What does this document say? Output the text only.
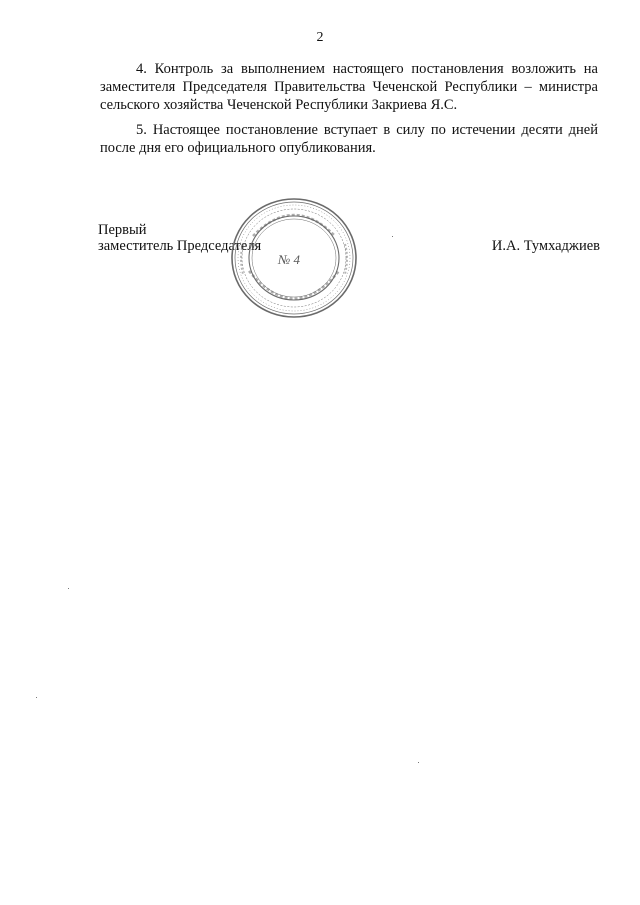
2

4. Контроль за выполнением настоящего постановления возложить на заместителя Председателя Правительства Чеченской Республики – министра сельского хозяйства Чеченской Республики Закриева Я.С.

5. Настоящее постановление вступает в силу по истечении десяти дней после дня его официального опубликования.

Первый
заместитель Председателя	И.А. Тумхаджиев
№ 4
